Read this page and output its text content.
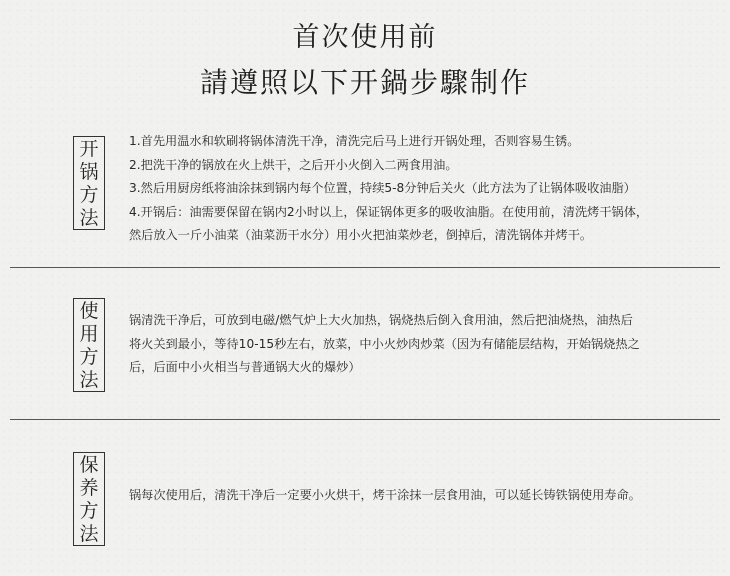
首次使用前
請遵照以下开鍋步驟制作
开
锅
方
法

1.首先用温水和软刷将锅体清洗干净，清洗完后马上进行开锅处理，否则容易生锈。

2.把洗干净的锅放在火上烘干，之后开小火倒入二两食用油。

3.然后用厨房纸将油涂抹到锅内每个位置，持续5-8分钟后关火（此方法为了让锅体吸收油脂）

4.开锅后：油需要保留在锅内2小时以上，保证锅体更多的吸收油脂。在使用前，清洗烤干锅体，

然后放入一斤小油菜（油菜沥干水分）用小火把油菜炒老，倒掉后，清洗锅体并烤干。

使
用
方
法

锅清洗干净后，可放到电磁/燃气炉上大火加热，锅烧热后倒入食用油，然后把油烧热，油热后

将火关到最小，等待10-15秒左右，放菜，中小火炒肉炒菜（因为有储能层结构，开始锅烧热之

后，后面中小火相当与普通锅大火的爆炒）

保
养
方
法

锅每次使用后，清洗干净后一定要小火烘干，烤干涂抹一层食用油，可以延长铸铁锅使用寿命。
